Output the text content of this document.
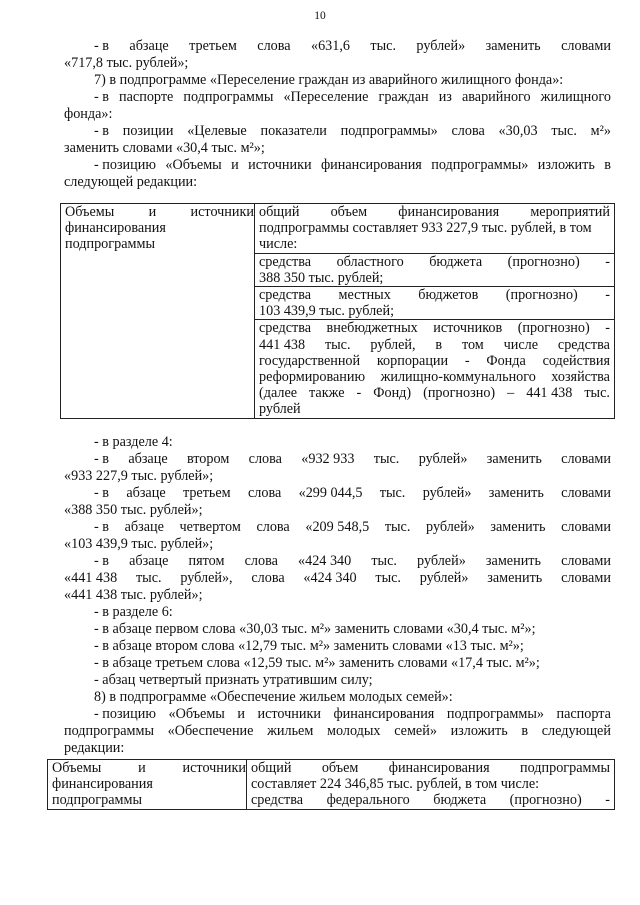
10
- в абзаце третьем слова «631,6 тыс. рублей» заменить словами
«717,8 тыс. рублей»;
7) в подпрограмме «Переселение граждан из аварийного жилищного фонда»:
- в паспорте подпрограммы «Переселение граждан из аварийного жилищного
фонда»:
- в позиции «Целевые показатели подпрограммы» слова «30,03 тыс. м²»
заменить словами «30,4 тыс. м²»;
- позицию «Объемы и источники финансирования подпрограммы» изложить в
следующей редакции:
Объемы и источники
финансирования
подпрограммы

общий объем финансирования мероприятий
подпрограммы составляет 933 227,9 тыс. рублей, в том
числе:
средства областного бюджета (прогнозно) -
388 350 тыс. рублей;
средства местных бюджетов (прогнозно) -
103 439,9 тыс. рублей;
средства внебюджетных источников (прогнозно) -
441 438 тыс. рублей, в том числе средства
государственной корпорации - Фонда содействия
реформированию жилищно-коммунального хозяйства
(далее также - Фонд) (прогнозно) – 441 438 тыс.
рублей
- в разделе 4:
- в абзаце втором слова «932 933 тыс. рублей» заменить словами
«933 227,9 тыс. рублей»;
- в абзаце третьем слова «299 044,5 тыс. рублей» заменить словами
«388 350 тыс. рублей»;
- в абзаце четвертом слова «209 548,5 тыс. рублей» заменить словами
«103 439,9 тыс. рублей»;
- в абзаце пятом слова «424 340 тыс. рублей» заменить словами
«441 438 тыс. рублей», слова «424 340 тыс. рублей» заменить словами
«441 438 тыс. рублей»;
- в разделе 6:
- в абзаце первом слова «30,03 тыс. м²» заменить словами «30,4 тыс. м²»;
- в абзаце втором слова «12,79 тыс. м²» заменить словами «13 тыс. м²»;
- в абзаце третьем слова «12,59 тыс. м²» заменить словами «17,4 тыс. м²»;
- абзац четвертый признать утратившим силу;
8) в подпрограмме «Обеспечение жильем молодых семей»:
- позицию «Объемы и источники финансирования подпрограммы» паспорта
подпрограммы «Обеспечение жильем молодых семей» изложить в следующей
редакции:
Объемы	и	источники
финансирования
подпрограммы

общий объем финансирования подпрограммы
составляет 224 346,85 тыс. рублей, в том числе:
средства федерального бюджета (прогнозно) -
